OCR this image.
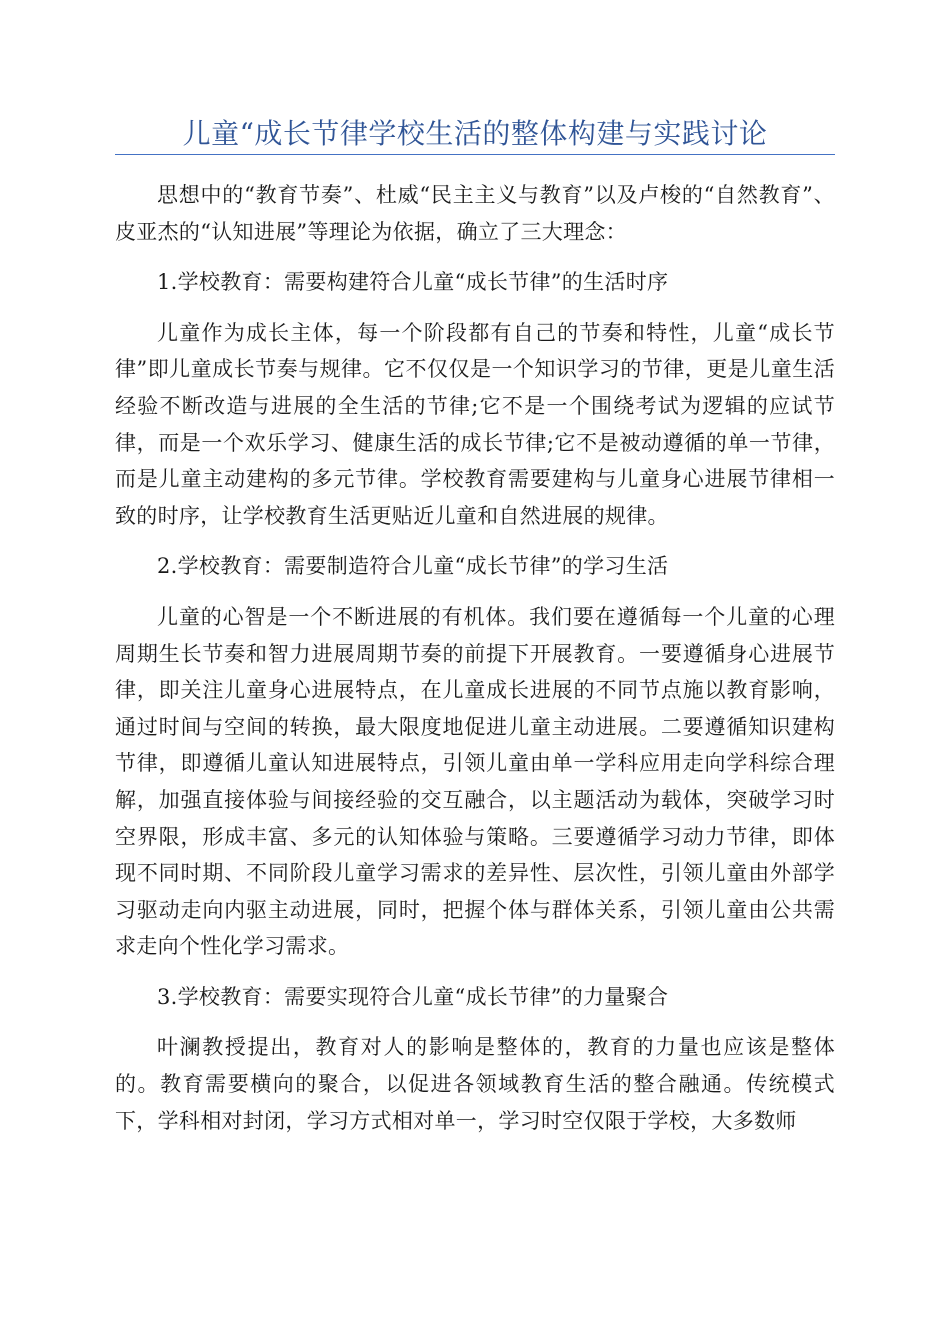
儿童“成长节律学校生活的整体构建与实践讨论

思想中的“教育节奏”、杜威“民主主义与教育”以及卢梭的“自然教育”、皮亚杰的“认知进展”等理论为依据，确立了三大理念：

1.学校教育：需要构建符合儿童“成长节律”的生活时序

儿童作为成长主体，每一个阶段都有自己的节奏和特性，儿童“成长节律”即儿童成长节奏与规律。它不仅仅是一个知识学习的节律，更是儿童生活经验不断改造与进展的全生活的节律;它不是一个围绕考试为逻辑的应试节律，而是一个欢乐学习、健康生活的成长节律;它不是被动遵循的单一节律，而是儿童主动建构的多元节律。学校教育需要建构与儿童身心进展节律相一致的时序，让学校教育生活更贴近儿童和自然进展的规律。

2.学校教育：需要制造符合儿童“成长节律”的学习生活

儿童的心智是一个不断进展的有机体。我们要在遵循每一个儿童的心理周期生长节奏和智力进展周期节奏的前提下开展教育。一要遵循身心进展节律，即关注儿童身心进展特点，在儿童成长进展的不同节点施以教育影响，通过时间与空间的转换，最大限度地促进儿童主动进展。二要遵循知识建构节律，即遵循儿童认知进展特点，引领儿童由单一学科应用走向学科综合理解，加强直接体验与间接经验的交互融合，以主题活动为载体，突破学习时空界限，形成丰富、多元的认知体验与策略。三要遵循学习动力节律，即体现不同时期、不同阶段儿童学习需求的差异性、层次性，引领儿童由外部学习驱动走向内驱主动进展，同时，把握个体与群体关系，引领儿童由公共需求走向个性化学习需求。

3.学校教育：需要实现符合儿童“成长节律”的力量聚合

叶澜教授提出，教育对人的影响是整体的，教育的力量也应该是整体的。教育需要横向的聚合，以促进各领域教育生活的整合融通。传统模式下，学科相对封闭，学习方式相对单一，学习时空仅限于学校，大多数师
